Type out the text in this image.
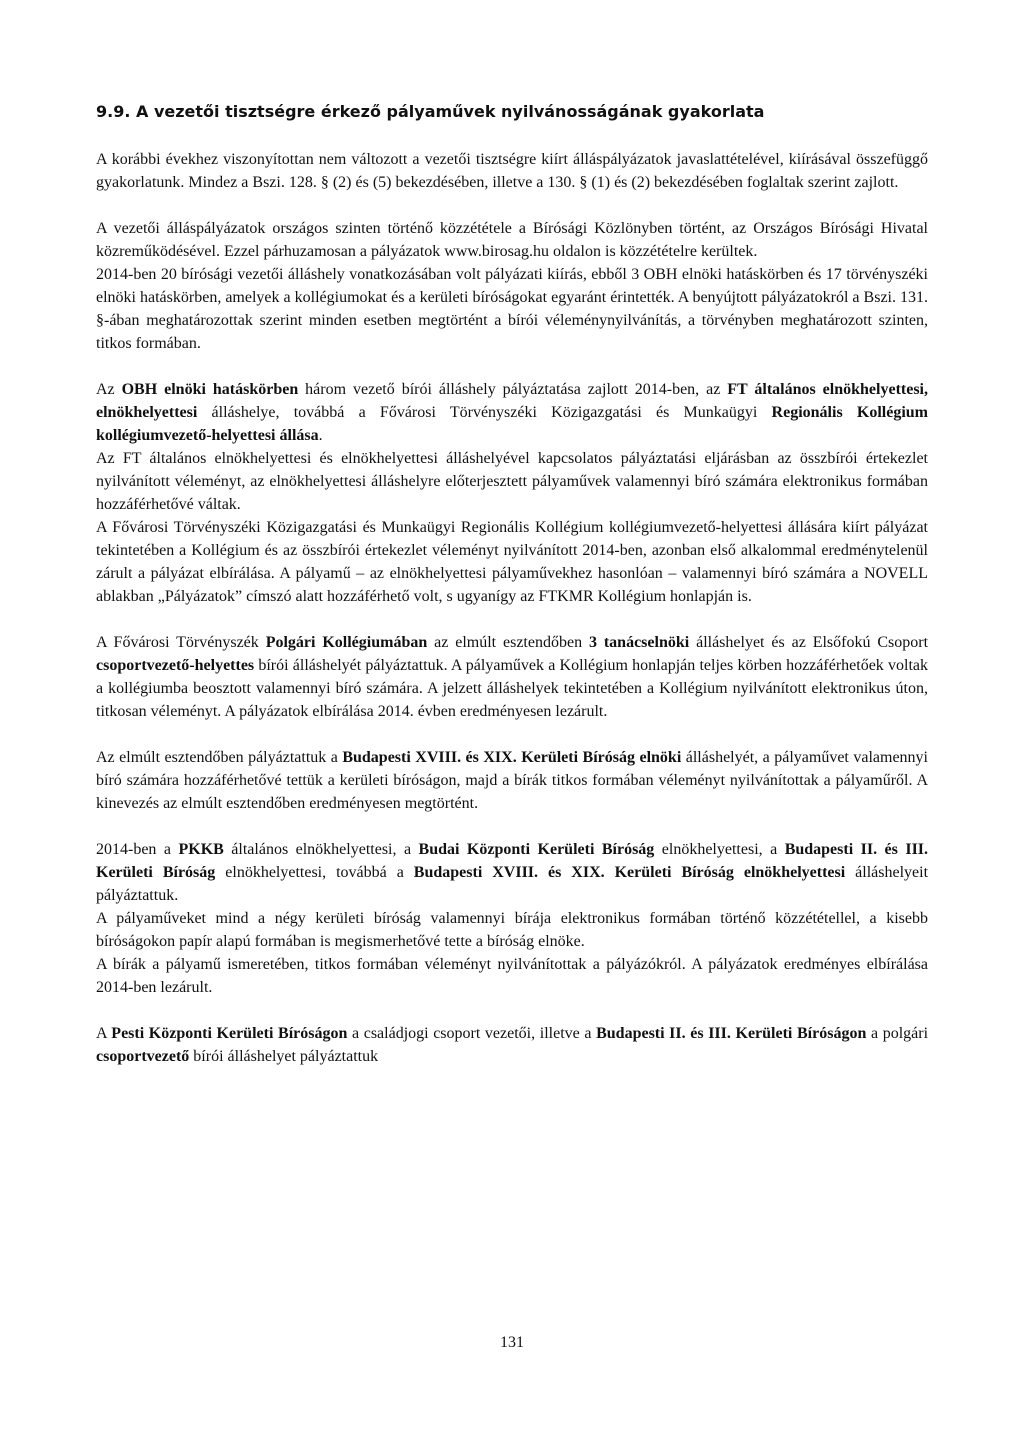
9.9. A vezetői tisztségre érkező pályaművek nyilvánosságának gyakorlata

A korábbi évekhez viszonyítottan nem változott a vezetői tisztségre kiírt álláspályázatok javaslattételével, kiírásával összefüggő gyakorlatunk. Mindez a Bszi. 128. § (2) és (5) bekezdésében, illetve a 130. § (1) és (2) bekezdésében foglaltak szerint zajlott.

A vezetői álláspályázatok országos szinten történő közzététele a Bírósági Közlönyben történt, az Országos Bírósági Hivatal közreműködésével. Ezzel párhuzamosan a pályázatok www.birosag.hu oldalon is közzétételre kerültek.

2014-ben 20 bírósági vezetői álláshely vonatkozásában volt pályázati kiírás, ebből 3 OBH elnöki hatáskörben és 17 törvényszéki elnöki hatáskörben, amelyek a kollégiumokat és a kerületi bíróságokat egyaránt érintették. A benyújtott pályázatokról a Bszi. 131. §-ában meghatározottak szerint minden esetben megtörtént a bírói véleménynyilvánítás, a törvényben meghatározott szinten, titkos formában.

Az OBH elnöki hatáskörben három vezető bírói álláshely pályáztatása zajlott 2014-ben, az FT általános elnökhelyettesi, elnökhelyettesi álláshelye, továbbá a Fővárosi Törvényszéki Közigazgatási és Munkaügyi Regionális Kollégium kollégiumvezető-helyettesi állása.

Az FT általános elnökhelyettesi és elnökhelyettesi álláshelyével kapcsolatos pályáztatási eljárásban az összbírói értekezlet nyilvánított véleményt, az elnökhelyettesi álláshelyre előterjesztett pályaművek valamennyi bíró számára elektronikus formában hozzáférhetővé váltak.

A Fővárosi Törvényszéki Közigazgatási és Munkaügyi Regionális Kollégium kollégiumvezető-helyettesi állására kiírt pályázat tekintetében a Kollégium és az összbírói értekezlet véleményt nyilvánított 2014-ben, azonban első alkalommal eredménytelenül zárult a pályázat elbírálása. A pályamű – az elnökhelyettesi pályaművekhez hasonlóan – valamennyi bíró számára a NOVELL ablakban „Pályázatok” címszó alatt hozzáférhető volt, s ugyanígy az FTKMR Kollégium honlapján is.

A Fővárosi Törvényszék Polgári Kollégiumában az elmúlt esztendőben 3 tanácselnöki álláshelyet és az Elsőfokú Csoport csoportvezető-helyettes bírói álláshelyét pályáztattuk. A pályaművek a Kollégium honlapján teljes körben hozzáférhetőek voltak a kollégiumba beosztott valamennyi bíró számára. A jelzett álláshelyek tekintetében a Kollégium nyilvánított elektronikus úton, titkosan véleményt. A pályázatok elbírálása 2014. évben eredményesen lezárult.

Az elmúlt esztendőben pályáztattuk a Budapesti XVIII. és XIX. Kerületi Bíróság elnöki álláshelyét, a pályaművet valamennyi bíró számára hozzáférhetővé tettük a kerületi bíróságon, majd a bírák titkos formában véleményt nyilvánítottak a pályaműről. A kinevezés az elmúlt esztendőben eredményesen megtörtént.

2014-ben a PKKB általános elnökhelyettesi, a Budai Központi Kerületi Bíróság elnökhelyettesi, a Budapesti II. és III. Kerületi Bíróság elnökhelyettesi, továbbá a Budapesti XVIII. és XIX. Kerületi Bíróság elnökhelyettesi álláshelyeit pályáztattuk.

A pályaműveket mind a négy kerületi bíróság valamennyi bírája elektronikus formában történő közzététellel, a kisebb bíróságokon papír alapú formában is megismerhetővé tette a bíróság elnöke.

A bírák a pályamű ismeretében, titkos formában véleményt nyilvánítottak a pályázókról. A pályázatok eredményes elbírálása 2014-ben lezárult.

A Pesti Központi Kerületi Bíróságon a családjogi csoport vezetői, illetve a Budapesti II. és III. Kerületi Bíróságon a polgári csoportvezető bírói álláshelyet pályáztattuk

131
